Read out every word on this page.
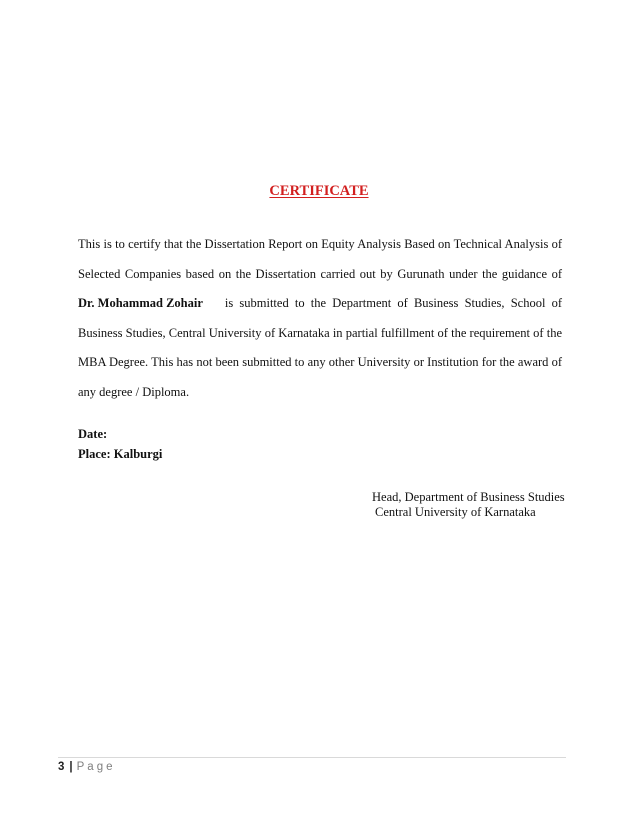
CERTIFICATE
This is to certify that the Dissertation Report on Equity Analysis Based on Technical Analysis of
Selected Companies based on the Dissertation carried out by Gurunath under the guidance of
Dr. Mohammad Zohair	is submitted to the Department of Business Studies, School of
Business Studies, Central University of Karnataka in partial fulfillment of the requirement of the
MBA Degree. This has not been submitted to any other University or Institution for the award of
any degree / Diploma.
Date:
Place: Kalburgi
Head, Department of Business Studies
Central University of Karnataka
3 | Page
